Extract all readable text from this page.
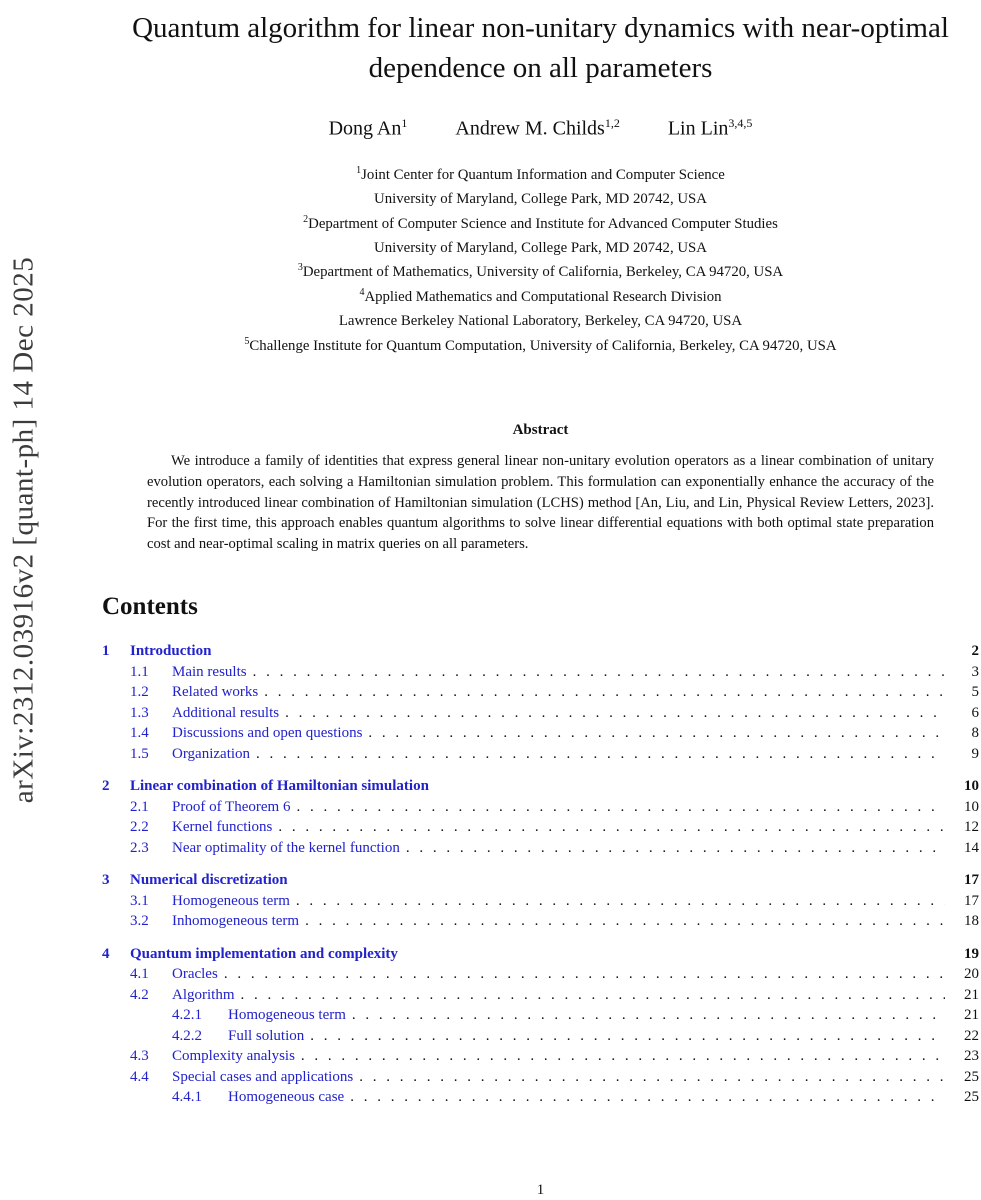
arXiv:2312.03916v2 [quant-ph] 14 Dec 2025
Quantum algorithm for linear non-unitary dynamics with near-optimal dependence on all parameters
Dong An$^1$ Andrew M. Childs$^{1,2}$ Lin Lin$^{3,4,5}$
$^1$Joint Center for Quantum Information and Computer Science
University of Maryland, College Park, MD 20742, USA
$^2$Department of Computer Science and Institute for Advanced Computer Studies
University of Maryland, College Park, MD 20742, USA
$^3$Department of Mathematics, University of California, Berkeley, CA 94720, USA
$^4$Applied Mathematics and Computational Research Division
Lawrence Berkeley National Laboratory, Berkeley, CA 94720, USA
$^5$Challenge Institute for Quantum Computation, University of California, Berkeley, CA 94720, USA
Abstract
We introduce a family of identities that express general linear non-unitary evolution operators as a linear combination of unitary evolution operators, each solving a Hamiltonian simulation problem. This formulation can exponentially enhance the accuracy of the recently introduced linear combination of Hamiltonian simulation (LCHS) method [An, Liu, and Lin, Physical Review Letters, 2023]. For the first time, this approach enables quantum algorithms to solve linear differential equations with both optimal state preparation cost and near-optimal scaling in matrix queries on all parameters.
Contents
1	Introduction	2
1.1	Main results . . .	3
1.2	Related works . . .	5
1.3	Additional results . . .	6
1.4	Discussions and open questions . . .	8
1.5	Organization . . .	9
2	Linear combination of Hamiltonian simulation	10
2.1	Proof of Theorem 6 . . .	10
2.2	Kernel functions . . .	12
2.3	Near optimality of the kernel function . . .	14
3	Numerical discretization	17
3.1	Homogeneous term . . .	17
3.2	Inhomogeneous term . . .	18
4	Quantum implementation and complexity	19
4.1	Oracles . . .	20
4.2	Algorithm . . .	21
4.2.1	Homogeneous term . . .	21
4.2.2	Full solution . . .	22
4.3	Complexity analysis . . .	23
4.4	Special cases and applications . . .	25
4.4.1	Homogeneous case . . .	25
1
